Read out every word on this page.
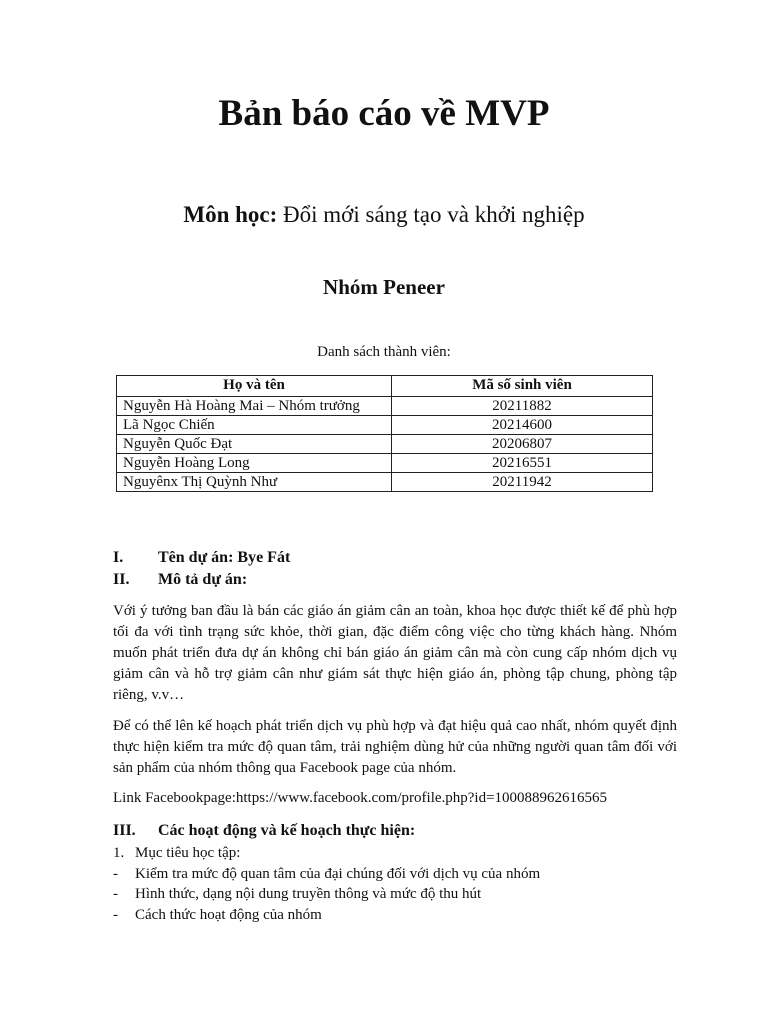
Bản báo cáo về MVP
Môn học: Đổi mới sáng tạo và khởi nghiệp
Nhóm Peneer
Danh sách thành viên:
Họ và tên	Mã số sinh viên
Nguyễn Hà Hoàng Mai – Nhóm trưởng	20211882
Lã Ngọc Chiến	20214600
Nguyễn Quốc Đạt	20206807
Nguyễn Hoàng Long	20216551
Nguyênx Thị Quỳnh Như	20211942
I. Tên dự án: Bye Fát
II. Mô tả dự án:
Với ý tưởng ban đầu là bán các giáo án giảm cân an toàn, khoa học được thiết kế để phù hợp tối đa với tình trạng sức khỏe, thời gian, đặc điểm công việc cho từng khách hàng. Nhóm muốn phát triển đưa dự án không chỉ bán giáo án giảm cân mà còn cung cấp nhóm dịch vụ giảm cân và hỗ trợ giảm cân như giám sát thực hiện giáo án, phòng tập chung, phòng tập riêng, v.v…
Để có thể lên kế hoạch phát triển dịch vụ phù hợp và đạt hiệu quả cao nhất, nhóm quyết định thực hiện kiểm tra mức độ quan tâm, trải nghiệm dùng hử của những người quan tâm đối với sản phẩm của nhóm thông qua Facebook page của nhóm.
Link Facebookpage:https://www.facebook.com/profile.php?id=100088962616565
III. Các hoạt động và kế hoạch thực hiện:
1. Mục tiêu học tập:
- Kiểm tra mức độ quan tâm của đại chúng đối với dịch vụ của nhóm
- Hình thức, dạng nội dung truyền thông và mức độ thu hút
- Cách thức hoạt động của nhóm
